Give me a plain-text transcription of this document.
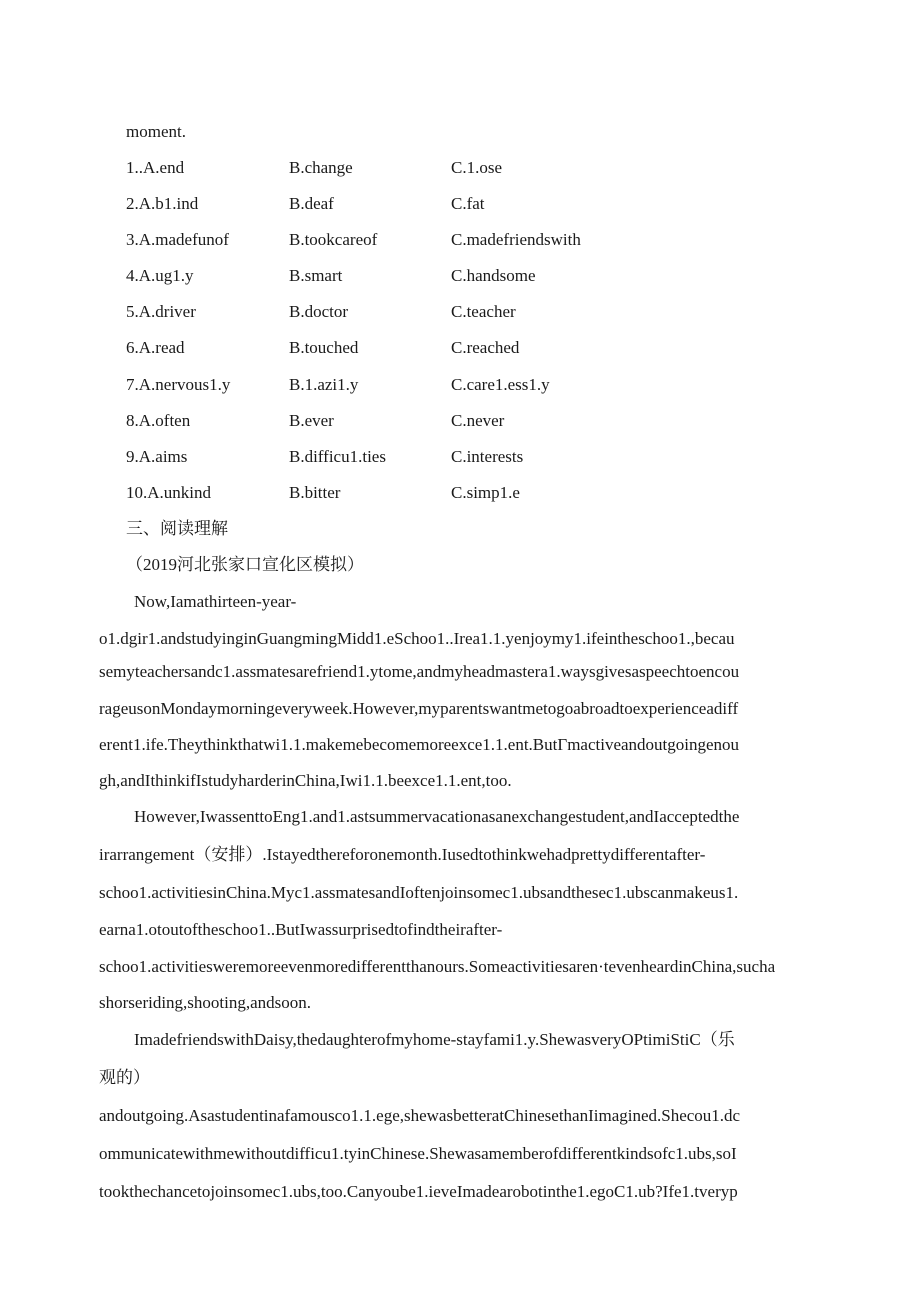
moment.
1..A.end	B.change	C.1.ose
2.A.b1.ind	B.deaf	C.fat
3.A.madefunof	B.tookcareof	C.madefriendswith
4.A.ug1.y	B.smart	C.handsome
5.A.driver	B.doctor	C.teacher
6.A.read	B.touched	C.reached
7.A.nervous1.y	B.1.azi1.y	C.care1.ess1.y
8.A.often	B.ever	C.never
9.A.aims	B.difficu1.ties	C.interests
10.A.unkind	B.bitter	C.simp1.e
三、阅读理解
（2019河北张家口宣化区模拟）
Now,Iamathirteen-year-
o1.dgir1.andstudyinginGuangmingMidd1.eSchoo1..Irea1.1.yenjoymy1.ifeintheschoo1.,becau
semyteachersandc1.assmatesarefriend1.ytome,andmyheadmastera1.waysgivesaspeechtoencou
rageusonMondaymorningeveryweek.However,myparentswantmetogoabroadtoexperienceadiff
erent1.ife.Theythinkthatwi1.1.makemebecomemoreexce1.1.ent.ButΓmactiveandoutgoingenou
gh,andIthinkifIstudyharderinChina,Iwi1.1.beexce1.1.ent,too.
However,IwassenttoEng1.and1.astsummervacationasanexchangestudent,andIacceptedthe
irarrangement（安排）.Istayedthereforonemonth.Iusedtothinkwehadprettydifferentafter-
schoo1.activitiesinChina.Myc1.assmatesandIoftenjoinsomec1.ubsandthesec1.ubscanmakeus1.
earna1.otoutoftheschoo1..ButIwassurprisedtofindtheirafter-
schoo1.activitiesweremoreevenmoredifferentthanours.Someactivitiesaren·tevenheardinChina,sucha
shorseriding,shooting,andsoon.
ImadefriendswithDaisy,thedaughterofmyhome-stayfami1.y.ShewasveryOPtimiStiC（乐
观的）
andoutgoing.Asastudentinafamousco1.1.ege,shewasbetteratChinesethanIimagined.Shecou1.dc
ommunicatewithmewithoutdifficu1.tyinChinese.Shewasamemberofdifferentkindsofc1.ubs,soI
tookthechancetojoinsomec1.ubs,too.Canyoube1.ieveImadearobotinthe1.egoC1.ub?Ife1.tveryp
